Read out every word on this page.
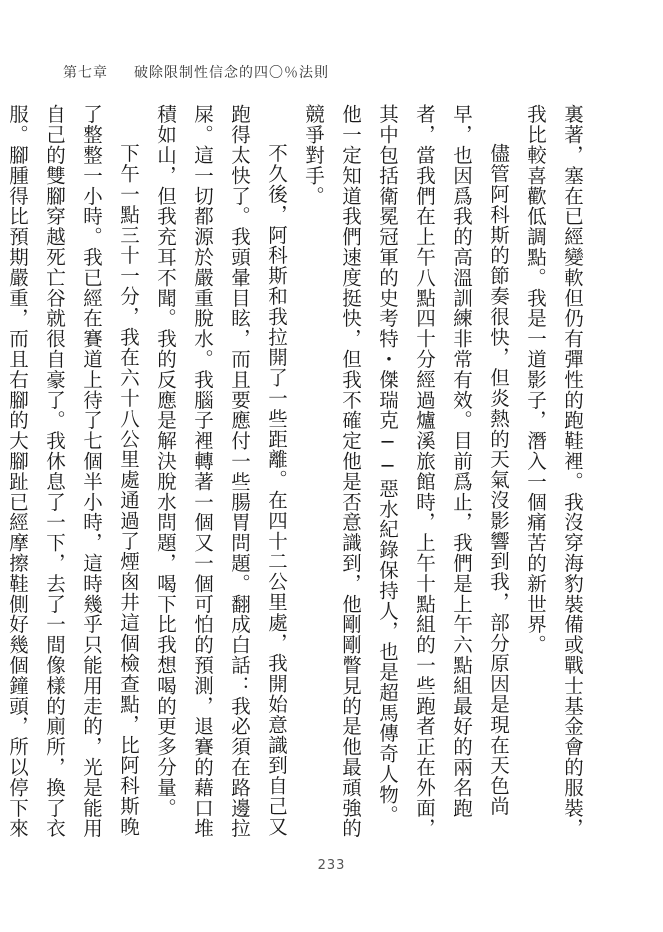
第七章 破除限制性信念的四〇％法則

裏著，塞在已經變軟但仍有彈性的跑鞋裡。我沒穿海豹裝備或戰士基金會的服裝，我比較喜歡低調點。我是一道影子，潛入一個痛苦的新世界。

儘管阿科斯的節奏很快，但炎熱的天氣沒影響到我，部分原因是現在天色尚早，也因爲我的高溫訓練非常有效。目前爲止，我們是上午六點組最好的兩名跑者，當我們在上午八點四十分經過爐溪旅館時，上午十點組的一些跑者正在外面，其中包括衛冕冠軍的史考特・傑瑞克──惡水紀錄保持人，也是超馬傳奇人物。他一定知道我們速度挺快，但我不確定他是否意識到，他剛剛瞥見的是他最頑強的競爭對手。

不久後，阿科斯和我拉開了一些距離。在四十二公里處，我開始意識到自己又跑得太快了。我頭暈目眩，而且要應付一些腸胃問題。翻成白話：我必須在路邊拉屎。這一切都源於嚴重脫水。我腦子裡轉著一個又一個可怕的預測，退賽的藉口堆積如山，但我充耳不聞。我的反應是解決脫水問題，喝下比我想喝的更多分量。

下午一點三十一分，我在六十八公里處通過了煙囪井這個檢查點，比阿科斯晚了整整一小時。我已經在賽道上待了七個半小時，這時幾乎只能用走的，光是能用自己的雙腳穿越死亡谷就很自豪了。我休息了一下，去了一間像樣的廁所，換了衣服。腳腫得比預期嚴重，而且右腳的大腳趾已經摩擦鞋側好幾個鐘頭，所以停下來

233
